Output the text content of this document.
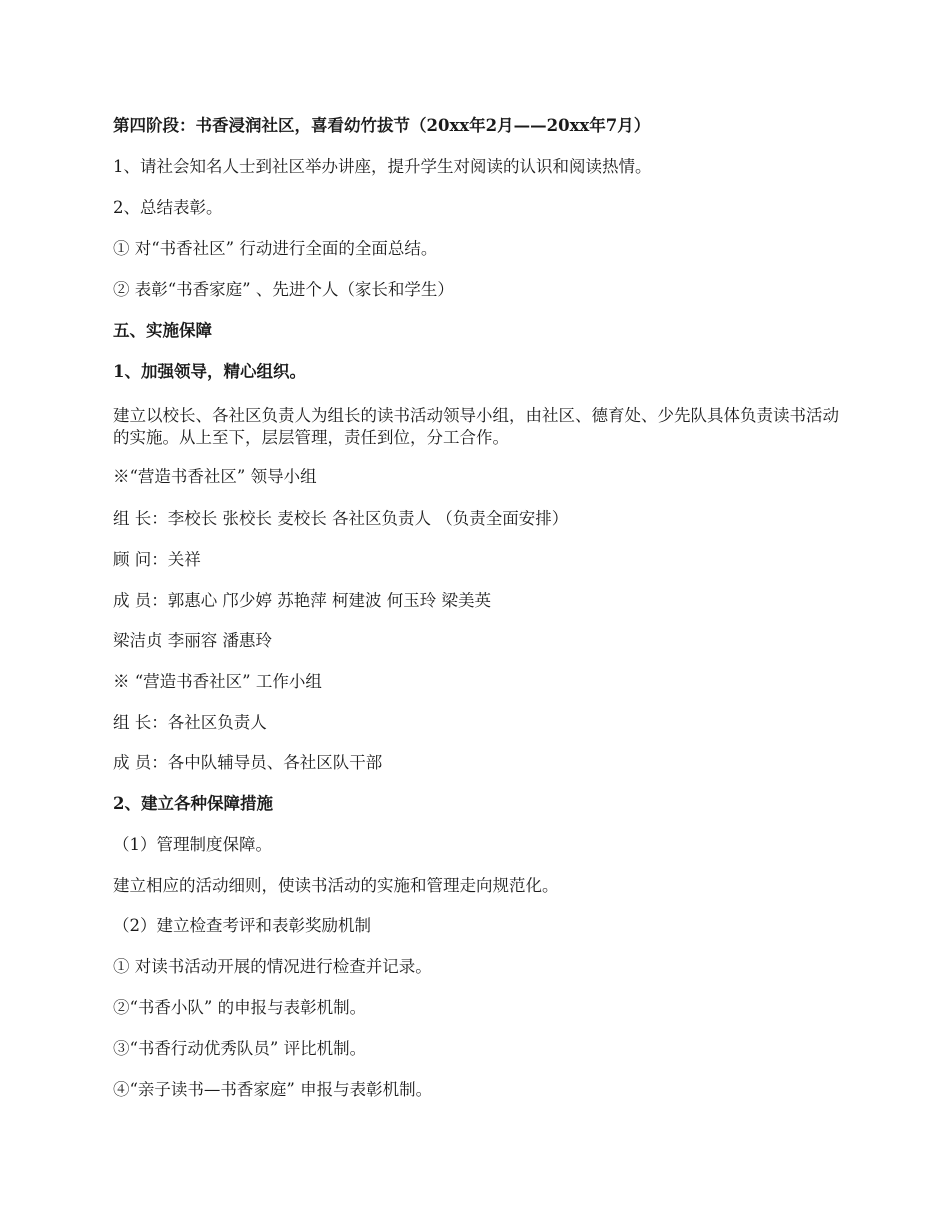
第四阶段：书香浸润社区，喜看幼竹拔节（20xx年2月——20xx年7月）

1、请社会知名人士到社区举办讲座，提升学生对阅读的认识和阅读热情。

2、总结表彰。

① 对“书香社区” 行动进行全面的全面总结。

② 表彰“书香家庭” 、先进个人（家长和学生）

五、实施保障

1、加强领导，精心组织。

建立以校长、各社区负责人为组长的读书活动领导小组，由社区、德育处、少先队具体负责读书活动的实施。从上至下，层层管理，责任到位，分工合作。

※“营造书香社区” 领导小组

组 长：李校长 张校长 麦校长 各社区负责人 （负责全面安排）

顾 问：关祥

成 员：郭惠心 邝少婷 苏艳萍 柯建波 何玉玲 梁美英

梁洁贞 李丽容 潘惠玲

※ “营造书香社区” 工作小组

组 长：各社区负责人

成 员：各中队辅导员、各社区队干部

2、建立各种保障措施

（1）管理制度保障。

建立相应的活动细则，使读书活动的实施和管理走向规范化。

（2）建立检查考评和表彰奖励机制

① 对读书活动开展的情况进行检查并记录。

②“书香小队” 的申报与表彰机制。

③“书香行动优秀队员” 评比机制。

④“亲子读书—书香家庭” 申报与表彰机制。
